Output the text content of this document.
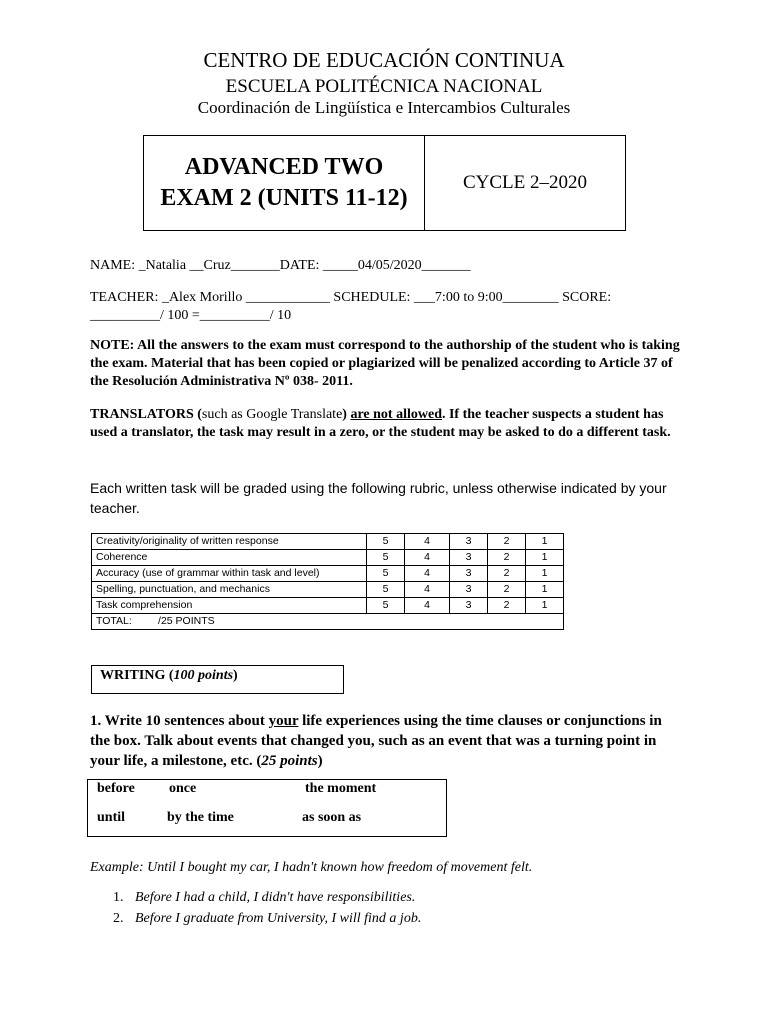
CENTRO DE EDUCACIÓN CONTINUA
ESCUELA POLITÉCNICA NACIONAL
Coordinación de Lingüística e Intercambios Culturales
ADVANCED TWO
EXAM 2 (UNITS 11-12)
CYCLE 2–2020
NAME: _Natalia __Cruz_______DATE: _____04/05/2020_______
TEACHER: _Alex Morillo ____________ SCHEDULE: ___7:00 to 9:00________ SCORE: __________/ 100 =__________/ 10
NOTE: All the answers to the exam must correspond to the authorship of the student who is taking the exam. Material that has been copied or plagiarized will be penalized according to Article 37 of the Resolución Administrativa Nº 038- 2011.
TRANSLATORS (such as Google Translate) are not allowed. If the teacher suspects a student has used a translator, the task may result in a zero, or the student may be asked to do a different task.
Each written task will be graded using the following rubric, unless otherwise indicated by your teacher.
Creativity/originality of written response	5	4	3	2	1
Coherence	5	4	3	2	1
Accuracy (use of grammar within task and level)	5	4	3	2	1
Spelling, punctuation, and mechanics	5	4	3	2	1
Task comprehension	5	4	3	2	1
TOTAL:         /25 POINTS					
WRITING (100 points)
1. Write 10 sentences about your life experiences using the time clauses or conjunctions in the box. Talk about events that changed you, such as an event that was a turning point in your life, a milestone, etc. (25 points)
before once	the moment
until	by the time	as soon as
Example: Until I bought my car, I hadn't known how freedom of movement felt.
1. Before I had a child, I didn't have responsibilities.
2. Before I graduate from University, I will find a job.
